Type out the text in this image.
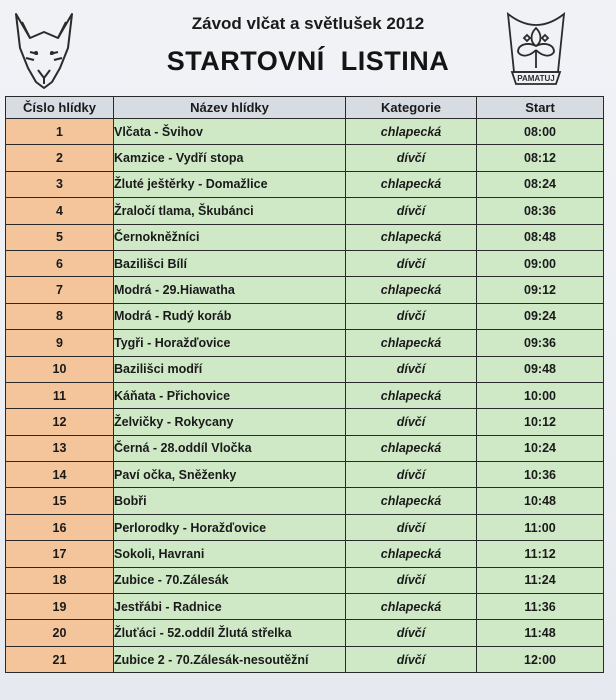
PAMATUJ
Závod vlčat a světlušek 2012
STARTOVNÍ  LISTINA
Číslo hlídky	Název hlídky	Kategorie	Start
1	Vlčata - Švihov	chlapecká	08:00
2	Kamzice - Vydří stopa	dívčí	08:12
3	Žluté ještěrky - Domažlice	chlapecká	08:24
4	Žraločí tlama, Škubánci	dívčí	08:36
5	Černokněžníci	chlapecká	08:48
6	Bazilišci Bílí	dívčí	09:00
7	Modrá - 29.Hiawatha	chlapecká	09:12
8	Modrá - Rudý koráb	dívčí	09:24
9	Tygři - Horažďovice	chlapecká	09:36
10	Bazilišci modří	dívčí	09:48
11	Káňata - Přichovice	chlapecká	10:00
12	Želvičky - Rokycany	dívčí	10:12
13	Černá - 28.oddíl Vločka	chlapecká	10:24
14	Paví očka, Sněženky	dívčí	10:36
15	Bobři	chlapecká	10:48
16	Perlorodky - Horažďovice	dívčí	11:00
17	Sokoli, Havrani	chlapecká	11:12
18	Zubice - 70.Zálesák	dívčí	11:24
19	Jestřábi - Radnice	chlapecká	11:36
20	Žluťáci - 52.oddíl Žlutá střelka	dívčí	11:48
21	Zubice 2 - 70.Zálesák-nesoutěžní	dívčí	12:00
